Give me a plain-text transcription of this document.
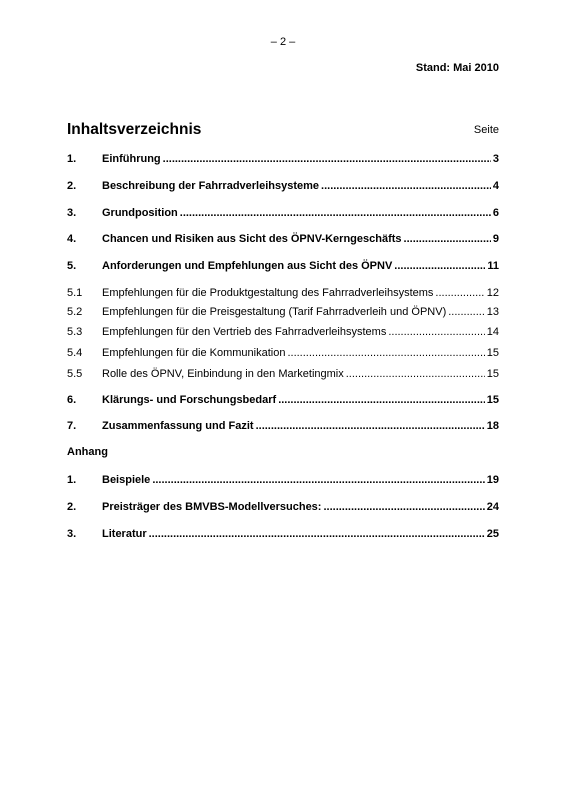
– 2 –
Stand: Mai 2010
Inhaltsverzeichnis	Seite
1.	Einführung .....	3
2.	Beschreibung der Fahrradverleihsysteme .....	4
3.	Grundposition .....	6
4.	Chancen und Risiken aus Sicht des ÖPNV-Kerngeschäfts .....	9
5.	Anforderungen und Empfehlungen aus Sicht des ÖPNV .....	11
5.1	Empfehlungen für die Produktgestaltung des Fahrradverleihsystems .....	12
5.2	Empfehlungen für die Preisgestaltung (Tarif Fahrradverleih und ÖPNV) .....	13
5.3	Empfehlungen für den Vertrieb des Fahrradverleihsystems .....	14
5.4	Empfehlungen für die Kommunikation .....	15
5.5	Rolle des ÖPNV, Einbindung in den Marketingmix .....	15
6.	Klärungs- und Forschungsbedarf .....	15
7.	Zusammenfassung und Fazit .....	18
Anhang
1.	Beispiele .....	19
2.	Preisträger des BMVBS-Modellversuches: .....	24
3.	Literatur .....	25
